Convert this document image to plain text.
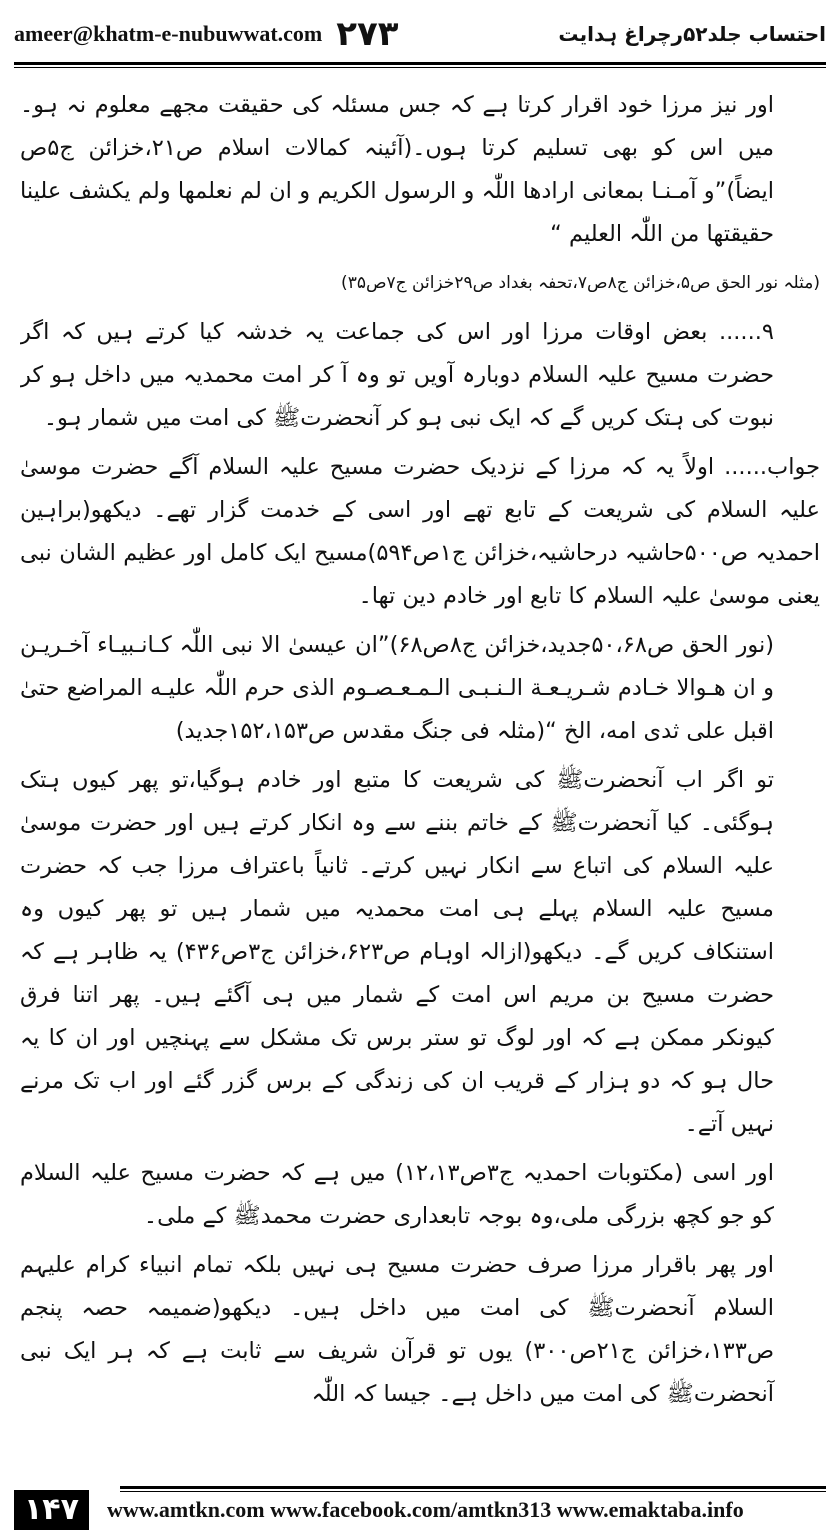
ameer@khatm-e-nubuwwat.com ۲۷۳	احتساب جلد۵۲رچراغ ہدایت

اور نیز مرزا خود اقرار کرتا ہے کہ جس مسئلہ کی حقیقت مجھے معلوم نہ ہو۔ میں اس کو بھی تسلیم کرتا ہوں۔(آئینہ کمالات اسلام ص۲۱،خزائن ج۵ص ایضاً)”و آمـنـا بمعانی ارادھا اللّٰہ و الرسول الکریم و ان لم نعلمها ولم یکشف علینا حقیقتها من اللّٰہ العلیم “

(مثلہ نور الحق ص۵،خزائن ج۸ص۷،تحفہ بغداد ص۲۹خزائن ج۷ص۳۵)

۹...... بعض اوقات مرزا اور اس کی جماعت یہ خدشہ کیا کرتے ہیں کہ اگر حضرت مسیح علیہ السلام دوبارہ آویں تو وہ آ کر امت محمدیہ میں داخل ہو کر نبوت کی ہتک کریں گے کہ ایک نبی ہو کر آنحضرتﷺ کی امت میں شمار ہو۔

جواب...... اولاً یہ کہ مرزا کے نزدیک حضرت مسیح علیہ السلام آگے حضرت موسیٰ علیہ السلام کی شریعت کے تابع تھے اور اسی کے خدمت گزار تھے۔ دیکھو(براہین احمدیہ ص۵۰۰حاشیہ درحاشیہ،خزائن ج۱ص۵۹۴)مسیح ایک کامل اور عظیم الشان نبی یعنی موسیٰ علیہ السلام کا تابع اور خادم دین تھا۔

(نور الحق ص۵۰،۶۸جدید،خزائن ج۸ص۶۸)”ان عیسیٰ الا نبی اللّٰہ کـانـبیـاء آخـریـن و ان هـوالا خـادم شـریـعـة الـنـبـی الـمـعـصـوم الذی حرم اللّٰہ علیـه المراضع حتیٰ اقبل علی ثدی امه، الخ “(مثلہ فی جنگ مقدس ص۱۵۲،۱۵۳جدید)

تو اگر اب آنحضرتﷺ کی شریعت کا متبع اور خادم ہوگیا،تو پھر کیوں ہتک ہوگئی۔ کیا آنحضرتﷺ کے خاتم بننے سے وہ انکار کرتے ہیں اور حضرت موسیٰ علیہ السلام کی اتباع سے انکار نہیں کرتے۔ ثانیاً باعتراف مرزا جب کہ حضرت مسیح علیہ السلام پہلے ہی امت محمدیہ میں شمار ہیں تو پھر کیوں وہ استنکاف کریں گے۔ دیکھو(ازالہ اوہام ص۶۲۳،خزائن ج۳ص۴۳۶) یہ ظاہر ہے کہ حضرت مسیح بن مریم اس امت کے شمار میں ہی آگئے ہیں۔ پھر اتنا فرق کیونکر ممکن ہے کہ اور لوگ تو ستر برس تک مشکل سے پہنچیں اور ان کا یہ حال ہو کہ دو ہزار کے قریب ان کی زندگی کے برس گزر گئے اور اب تک مرنے نہیں آتے۔

اور اسی (مکتوبات احمدیہ ج۳ص۱۲،۱۳) میں ہے کہ حضرت مسیح علیہ السلام کو جو کچھ بزرگی ملی،وہ بوجہ تابعداری حضرت محمدﷺ کے ملی۔

اور پھر باقرار مرزا صرف حضرت مسیح ہی نہیں بلکہ تمام انبیاء کرام علیہم السلام آنحضرتﷺ کی امت میں داخل ہیں۔ دیکھو(ضمیمہ حصہ پنجم ص۱۳۳،خزائن ج۲۱ص۳۰۰) یوں تو قرآن شریف سے ثابت ہے کہ ہر ایک نبی آنحضرتﷺ کی امت میں داخل ہے۔ جیسا کہ اللّٰہ

۱۴۷	www.amtkn.com www.facebook.com/amtkn313 www.emaktaba.info
